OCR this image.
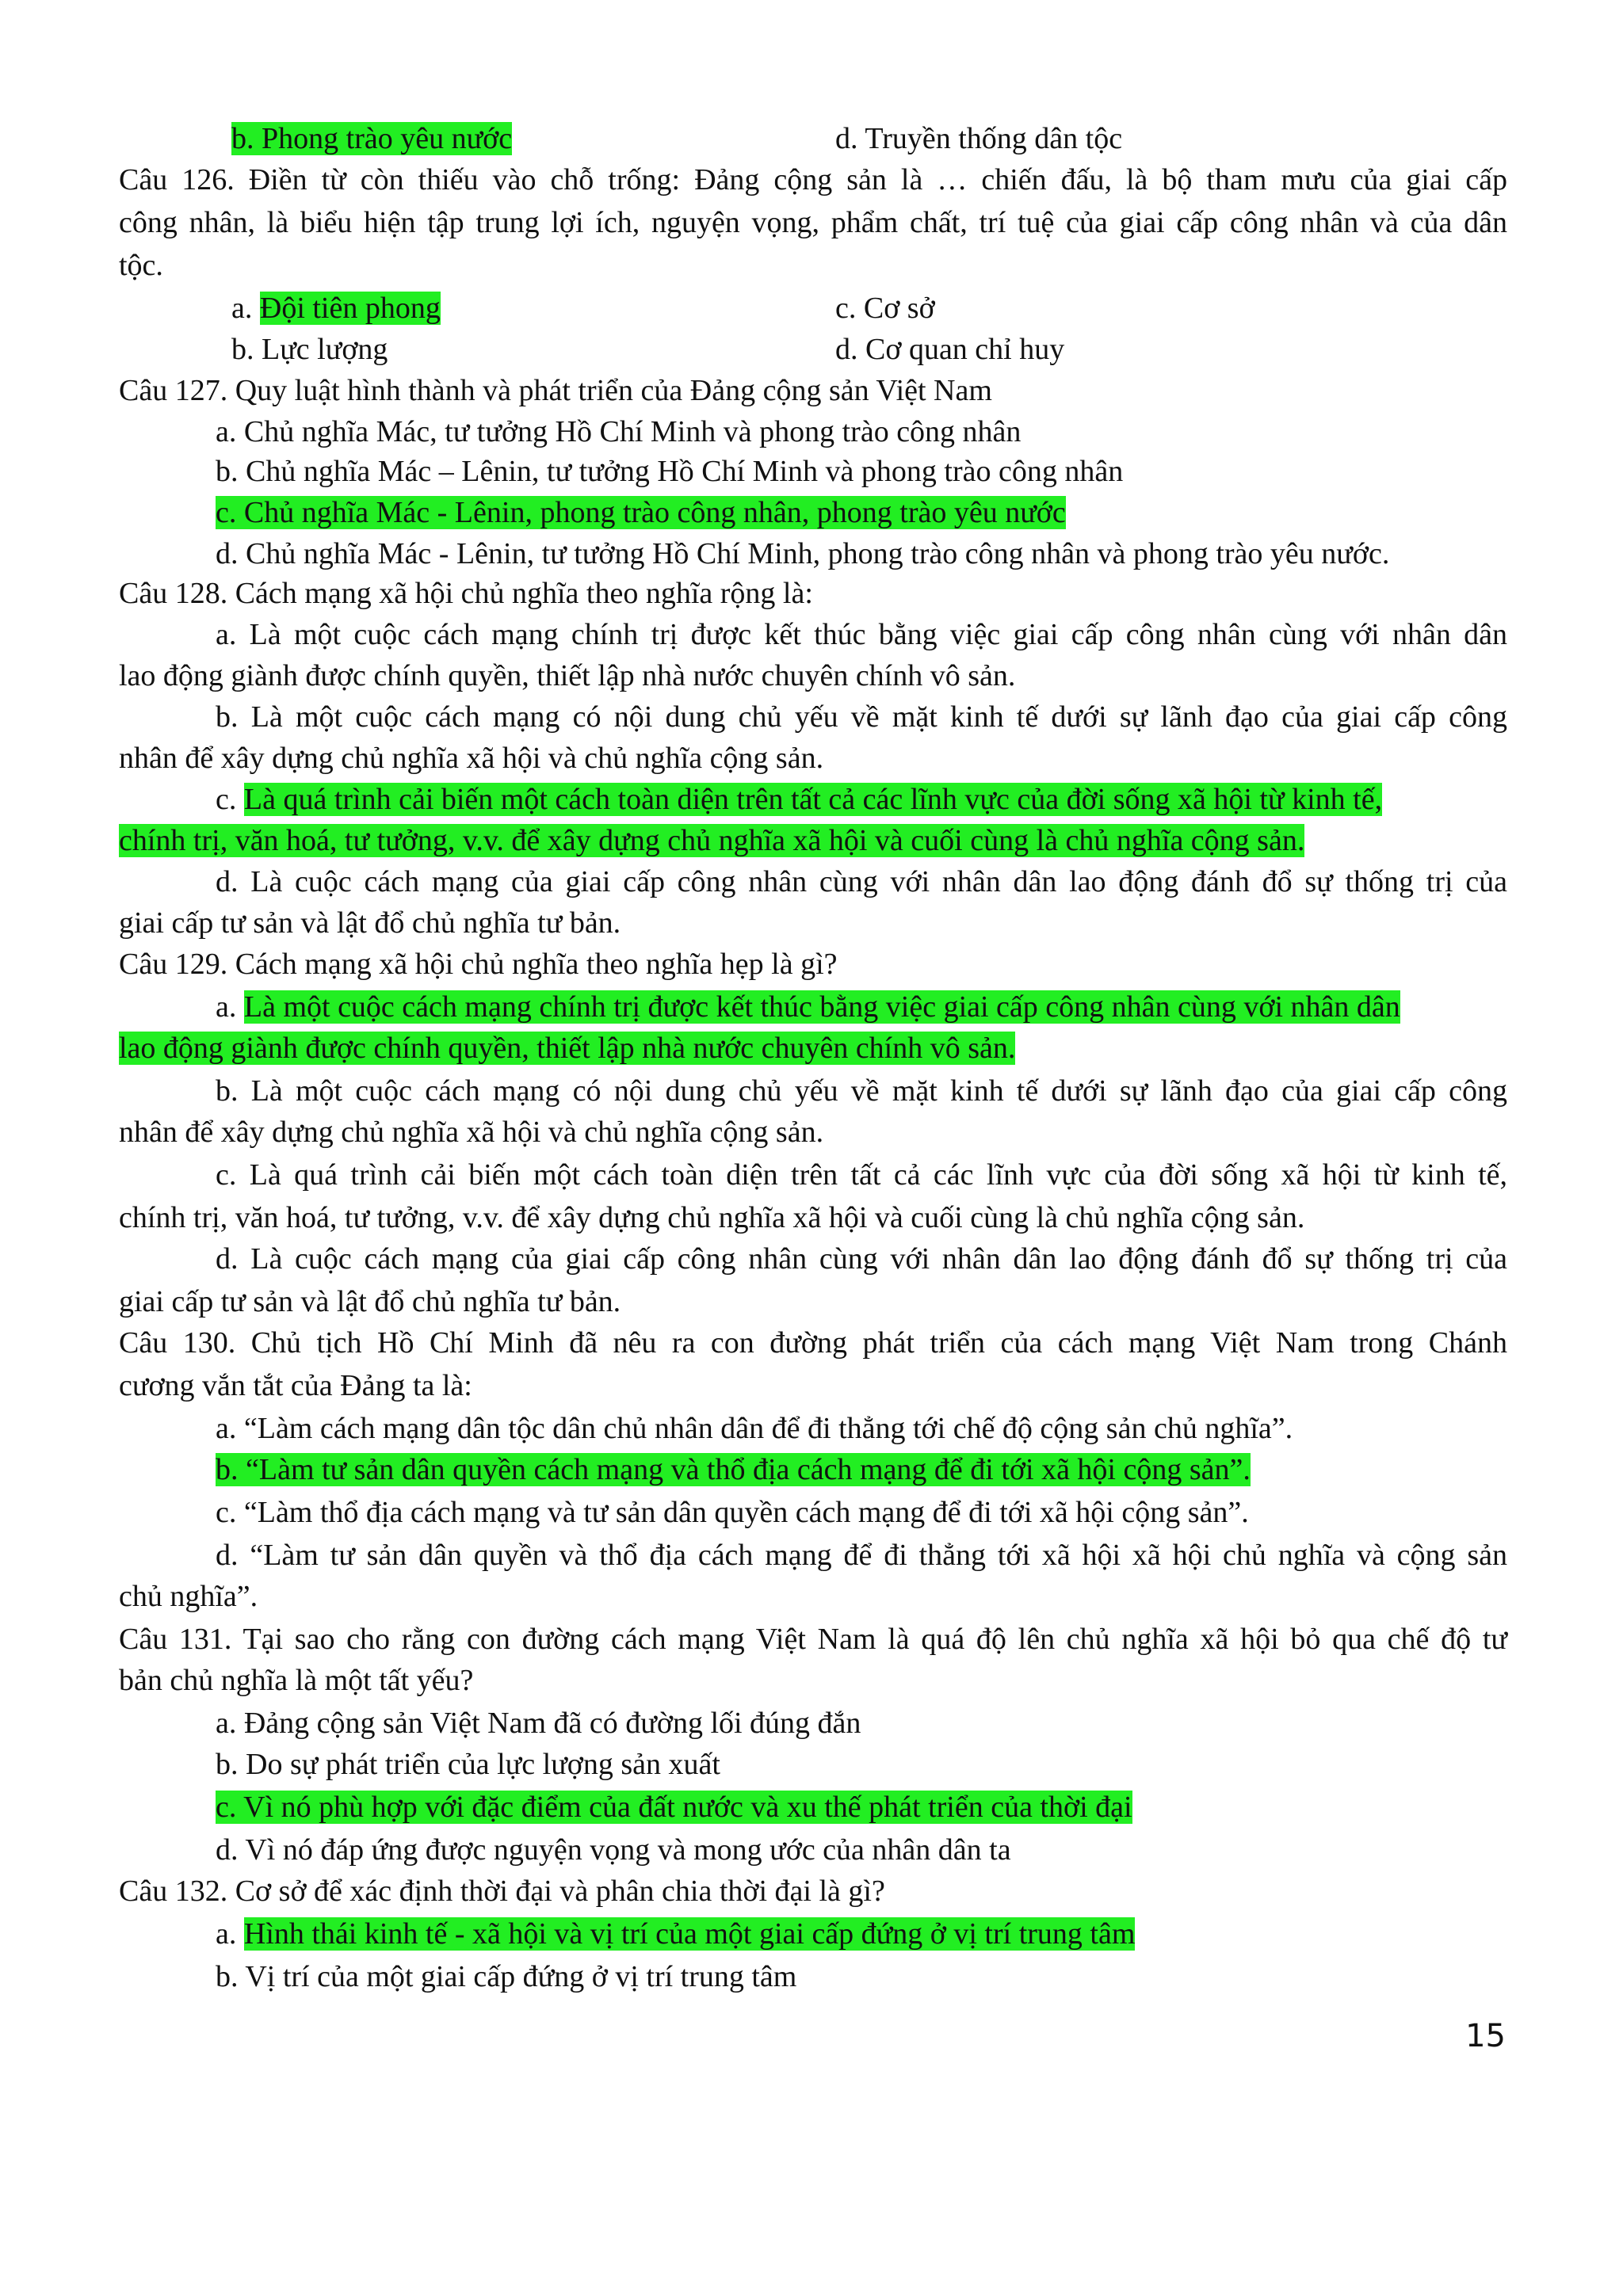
b. Phong trào yêu nước	d. Truyền thống dân tộc
Câu 126. Điền từ còn thiếu vào chỗ trống: Đảng cộng sản là … chiến đấu, là bộ tham mưu của giai cấp
công nhân, là biểu hiện tập trung lợi ích, nguyện vọng, phẩm chất, trí tuệ của giai cấp công nhân và của dân
tộc.
a. Đội tiên phong	c. Cơ sở
b. Lực lượng	d. Cơ quan chỉ huy
Câu 127. Quy luật hình thành và phát triển của Đảng cộng sản Việt Nam
a. Chủ nghĩa Mác, tư tưởng Hồ Chí Minh và phong trào công nhân
b. Chủ nghĩa Mác – Lênin, tư tưởng Hồ Chí Minh và phong trào công nhân
c. Chủ nghĩa Mác - Lênin, phong trào công nhân, phong trào yêu nước
d. Chủ nghĩa Mác - Lênin, tư tưởng Hồ Chí Minh, phong trào công nhân và phong trào yêu nước.
Câu 128. Cách mạng xã hội chủ nghĩa theo nghĩa rộng là:
a. Là một cuộc cách mạng chính trị được kết thúc bằng việc giai cấp công nhân cùng với nhân dân
lao động giành được chính quyền, thiết lập nhà nước chuyên chính vô sản.
b. Là một cuộc cách mạng có nội dung chủ yếu về mặt kinh tế dưới sự lãnh đạo của giai cấp công
nhân để xây dựng chủ nghĩa xã hội và chủ nghĩa cộng sản.
c. Là quá trình cải biến một cách toàn diện trên tất cả các lĩnh vực của đời sống xã hội từ kinh tế,
chính trị, văn hoá, tư tưởng, v.v. để xây dựng chủ nghĩa xã hội và cuối cùng là chủ nghĩa cộng sản.
d. Là cuộc cách mạng của giai cấp công nhân cùng với nhân dân lao động đánh đổ sự thống trị của
giai cấp tư sản và lật đổ chủ nghĩa tư bản.
Câu 129. Cách mạng xã hội chủ nghĩa theo nghĩa hẹp là gì?
a. Là một cuộc cách mạng chính trị được kết thúc bằng việc giai cấp công nhân cùng với nhân dân
lao động giành được chính quyền, thiết lập nhà nước chuyên chính vô sản.
b. Là một cuộc cách mạng có nội dung chủ yếu về mặt kinh tế dưới sự lãnh đạo của giai cấp công
nhân để xây dựng chủ nghĩa xã hội và chủ nghĩa cộng sản.
c. Là quá trình cải biến một cách toàn diện trên tất cả các lĩnh vực của đời sống xã hội từ kinh tế,
chính trị, văn hoá, tư tưởng, v.v. để xây dựng chủ nghĩa xã hội và cuối cùng là chủ nghĩa cộng sản.
d. Là cuộc cách mạng của giai cấp công nhân cùng với nhân dân lao động đánh đổ sự thống trị của
giai cấp tư sản và lật đổ chủ nghĩa tư bản.
Câu 130. Chủ tịch Hồ Chí Minh đã nêu ra con đường phát triển của cách mạng Việt Nam trong Chánh
cương vắn tắt của Đảng ta là:
a. “Làm cách mạng dân tộc dân chủ nhân dân để đi thẳng tới chế độ cộng sản chủ nghĩa”.
b. “Làm tư sản dân quyền cách mạng và thổ địa cách mạng để đi tới xã hội cộng sản”.
c. “Làm thổ địa cách mạng và tư sản dân quyền cách mạng để đi tới xã hội cộng sản”.
d. “Làm tư sản dân quyền và thổ địa cách mạng để đi thẳng tới xã hội xã hội chủ nghĩa và cộng sản
chủ nghĩa”.
Câu 131. Tại sao cho rằng con đường cách mạng Việt Nam là quá độ lên chủ nghĩa xã hội bỏ qua chế độ tư
bản chủ nghĩa là một tất yếu?
a. Đảng cộng sản Việt Nam đã có đường lối đúng đắn
b. Do sự phát triển của lực lượng sản xuất
c. Vì nó phù hợp với đặc điểm của đất nước và xu thế phát triển của thời đại
d. Vì nó đáp ứng được nguyện vọng và mong ước của nhân dân ta
Câu 132. Cơ sở để xác định thời đại và phân chia thời đại là gì?
a. Hình thái kinh tế - xã hội và vị trí của một giai cấp đứng ở vị trí trung tâm
b. Vị trí của một giai cấp đứng ở vị trí trung tâm
15
